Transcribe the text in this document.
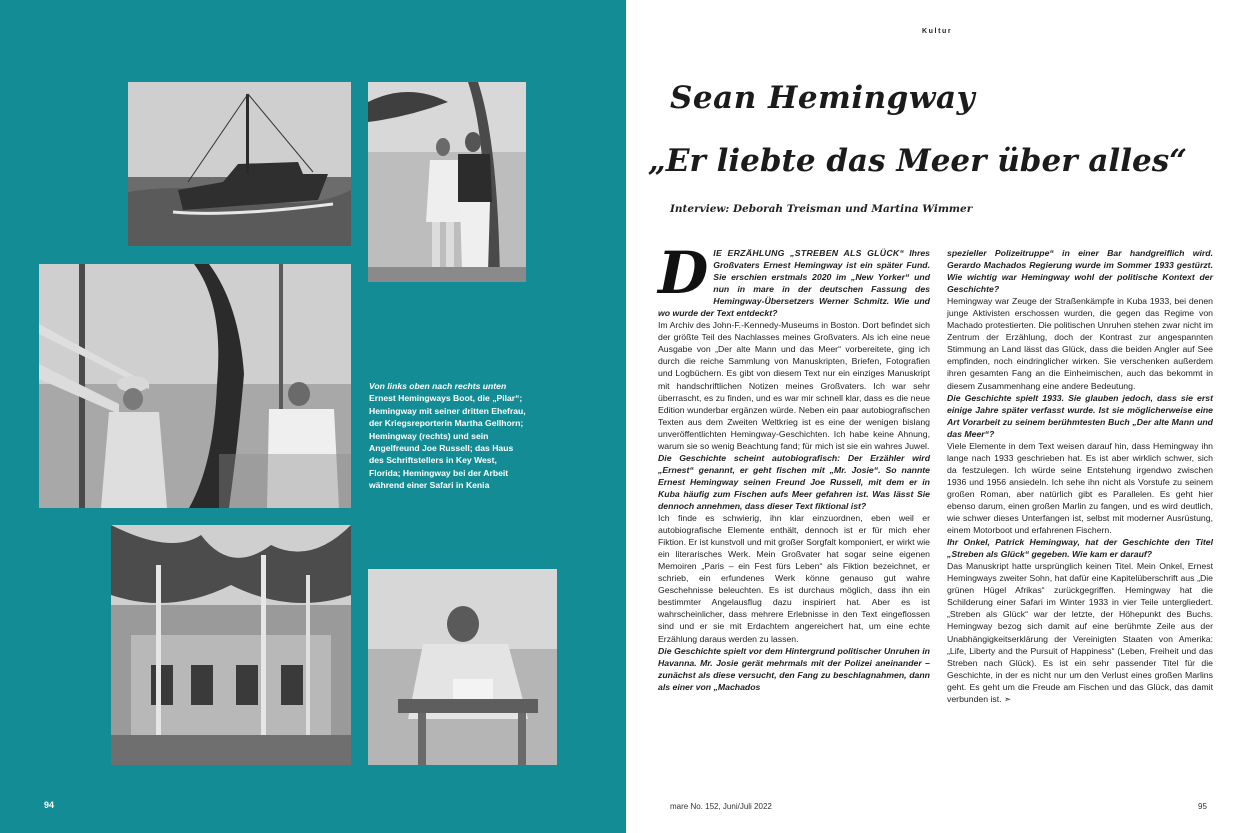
Von links oben nach rechts unten
Ernest Hemingways Boot, die „Pilar“; Hemingway mit seiner dritten Ehefrau, der Kriegsreporterin Martha Gellhorn; Hemingway (rechts) und sein Angelfreund Joe Russell; das Haus des Schriftstellers in Key West, Florida; Hemingway bei der Arbeit während einer Safari in Kenia
94
Kultur
Sean Hemingway
„Er liebte das Meer über alles“
Interview: Deborah Treisman und Martina Wimmer
D IE ERZÄHLUNG „STREBEN ALS GLÜCK“ Ihres Großvaters Ernest Hemingway ist ein später Fund. Sie erschien erstmals 2020 im „New Yorker“ und nun in mare in der deutschen Fassung des Hemingway-Übersetzers Werner Schmitz. Wie und wo wurde der Text entdeckt?

Im Archiv des John-F.-Kennedy-Museums in Boston. Dort befindet sich der größte Teil des Nachlasses meines Großvaters. Als ich eine neue Ausgabe von „Der alte Mann und das Meer“ vorbereitete, ging ich durch die reiche Sammlung von Manuskripten, Briefen, Fotografien und Logbüchern. Es gibt von diesem Text nur ein einziges Manuskript mit handschriftlichen Notizen meines Großvaters. Ich war sehr überrascht, es zu finden, und es war mir schnell klar, dass es die neue Edition wunderbar ergänzen würde. Neben ein paar autobiografischen Texten aus dem Zweiten Weltkrieg ist es eine der wenigen bislang unveröffentlichten Hemingway-Geschichten. Ich habe keine Ahnung, warum sie so wenig Beachtung fand; für mich ist sie ein wahres Juwel.

Die Geschichte scheint autobiografisch: Der Erzähler wird „Ernest“ genannt, er geht fischen mit „Mr. Josie“. So nannte Ernest Hemingway seinen Freund Joe Russell, mit dem er in Kuba häufig zum Fischen aufs Meer gefahren ist. Was lässt Sie dennoch annehmen, dass dieser Text fiktional ist?

Ich finde es schwierig, ihn klar einzuordnen, eben weil er autobiografische Elemente enthält, dennoch ist er für mich eher Fiktion. Er ist kunstvoll und mit großer Sorgfalt komponiert, er wirkt wie ein literarisches Werk. Mein Großvater hat sogar seine eigenen Memoiren „Paris – ein Fest fürs Leben“ als Fiktion bezeichnet, er schrieb, ein erfundenes Werk könne genauso gut wahre Geschehnisse beleuchten. Es ist durchaus möglich, dass ihn ein bestimmter Angelausflug dazu inspiriert hat. Aber es ist wahrscheinlicher, dass mehrere Erlebnisse in den Text eingeflossen sind und er sie mit Erdachtem angereichert hat, um eine echte Erzählung daraus werden zu lassen.

Die Geschichte spielt vor dem Hintergrund politischer Unruhen in Havanna. Mr. Josie gerät mehrmals mit der Polizei aneinander – zunächst als diese versucht, den Fang zu beschlagnahmen, dann als einer von „Machados

spezieller Polizeitruppe“ in einer Bar handgreiflich wird. Gerardo Machados Regierung wurde im Sommer 1933 gestürzt. Wie wichtig war Hemingway wohl der politische Kontext der Geschichte?

Hemingway war Zeuge der Straßenkämpfe in Kuba 1933, bei denen junge Aktivisten erschossen wurden, die gegen das Regime von Machado protestierten. Die politischen Unruhen stehen zwar nicht im Zentrum der Erzählung, doch der Kontrast zur angespannten Stimmung an Land lässt das Glück, dass die beiden Angler auf See empfinden, noch eindringlicher wirken. Sie verschenken außerdem ihren gesamten Fang an die Einheimischen, auch das bekommt in diesem Zusammenhang eine andere Bedeutung.

Die Geschichte spielt 1933. Sie glauben jedoch, dass sie erst einige Jahre später verfasst wurde. Ist sie möglicherweise eine Art Vorarbeit zu seinem berühmtesten Buch „Der alte Mann und das Meer“?

Viele Elemente in dem Text weisen darauf hin, dass Hemingway ihn lange nach 1933 geschrieben hat. Es ist aber wirklich schwer, sich da festzulegen. Ich würde seine Entstehung irgendwo zwischen 1936 und 1956 ansiedeln. Ich sehe ihn nicht als Vorstufe zu seinem großen Roman, aber natürlich gibt es Parallelen. Es geht hier ebenso darum, einen großen Marlin zu fangen, und es wird deutlich, wie schwer dieses Unterfangen ist, selbst mit moderner Ausrüstung, einem Motorboot und erfahrenen Fischern.

Ihr Onkel, Patrick Hemingway, hat der Geschichte den Titel „Streben als Glück“ gegeben. Wie kam er darauf?

Das Manuskript hatte ursprünglich keinen Titel. Mein Onkel, Ernest Hemingways zweiter Sohn, hat dafür eine Kapitelüberschrift aus „Die grünen Hügel Afrikas“ zurückgegriffen. Hemingway hat die Schilderung einer Safari im Winter 1933 in vier Teile untergliedert. „Streben als Glück“ war der letzte, der Höhepunkt des Buchs. Hemingway bezog sich damit auf eine berühmte Zeile aus der Unabhängigkeitserklärung der Vereinigten Staaten von Amerika: „Life, Liberty and the Pursuit of Happiness“ (Leben, Freiheit und das Streben nach Glück). Es ist ein sehr passender Titel für die Geschichte, in der es nicht nur um den Verlust eines großen Marlins geht. Es geht um die Freude am Fischen und das Glück, das damit verbunden ist. ➣

mare No. 152, Juni/Juli 2022	95
